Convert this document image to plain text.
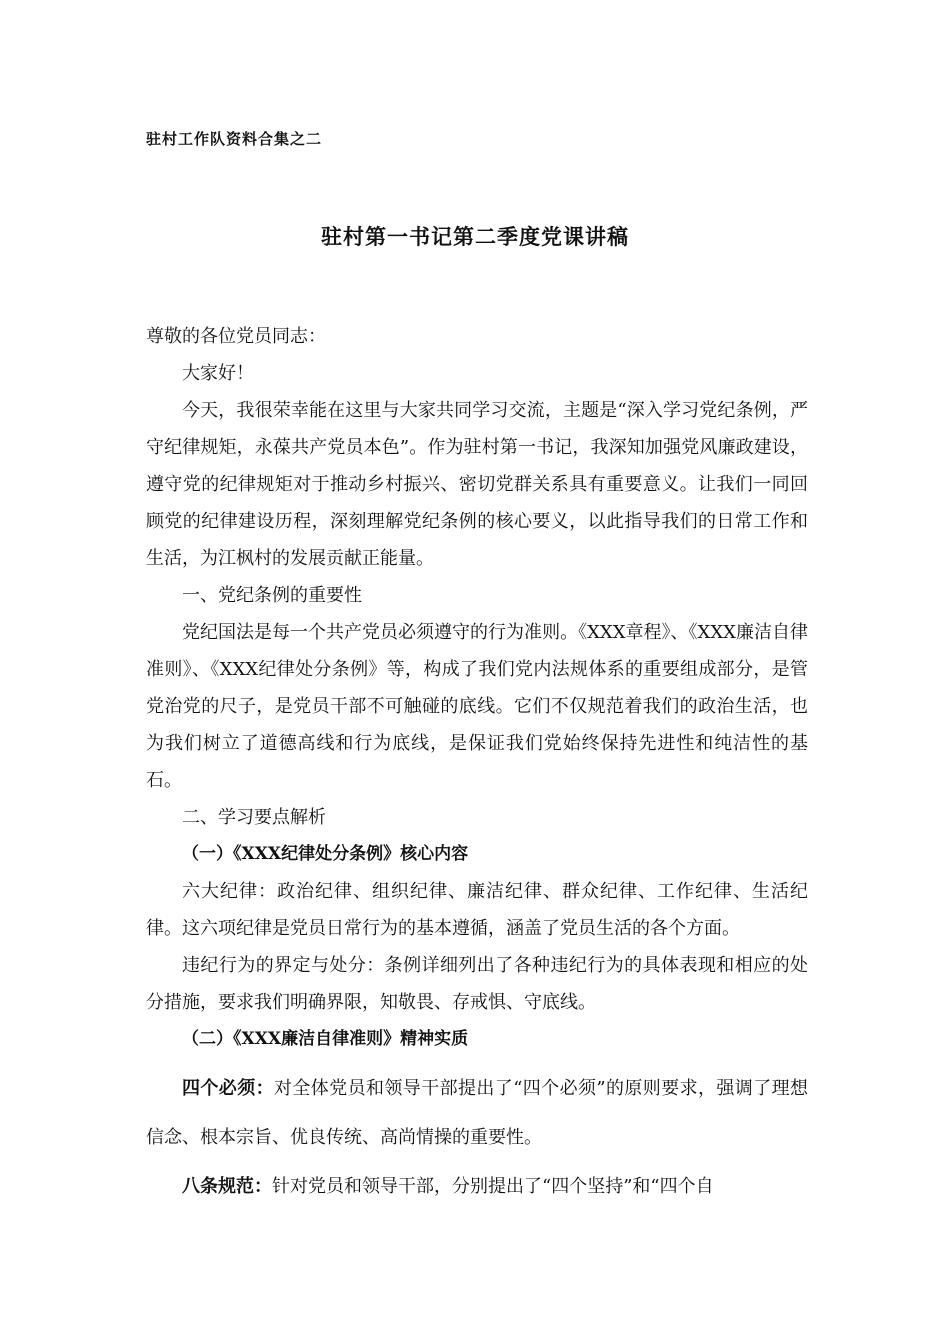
驻村工作队资料合集之二
驻村第一书记第二季度党课讲稿

尊敬的各位党员同志：

大家好！

今天，我很荣幸能在这里与大家共同学习交流，主题是“深入学习党纪条例，严守纪律规矩，永葆共产党员本色”。作为驻村第一书记，我深知加强党风廉政建设，遵守党的纪律规矩对于推动乡村振兴、密切党群关系具有重要意义。让我们一同回顾党的纪律建设历程，深刻理解党纪条例的核心要义，以此指导我们的日常工作和生活，为江枫村的发展贡献正能量。

一、党纪条例的重要性

党纪国法是每一个共产党员必须遵守的行为准则。《XXX章程》、《XXX廉洁自律准则》、《XXX纪律处分条例》等，构成了我们党内法规体系的重要组成部分，是管党治党的尺子，是党员干部不可触碰的底线。它们不仅规范着我们的政治生活，也为我们树立了道德高线和行为底线，是保证我们党始终保持先进性和纯洁性的基石。

二、学习要点解析

（一）《XXX纪律处分条例》核心内容

六大纪律：政治纪律、组织纪律、廉洁纪律、群众纪律、工作纪律、生活纪律。这六项纪律是党员日常行为的基本遵循，涵盖了党员生活的各个方面。

违纪行为的界定与处分：条例详细列出了各种违纪行为的具体表现和相应的处分措施，要求我们明确界限，知敬畏、存戒惧、守底线。

（二）《XXX廉洁自律准则》精神实质

四个必须：对全体党员和领导干部提出了“四个必须”的原则要求，强调了理想信念、根本宗旨、优良传统、高尚情操的重要性。

八条规范：针对党员和领导干部，分别提出了“四个坚持”和“四个自
